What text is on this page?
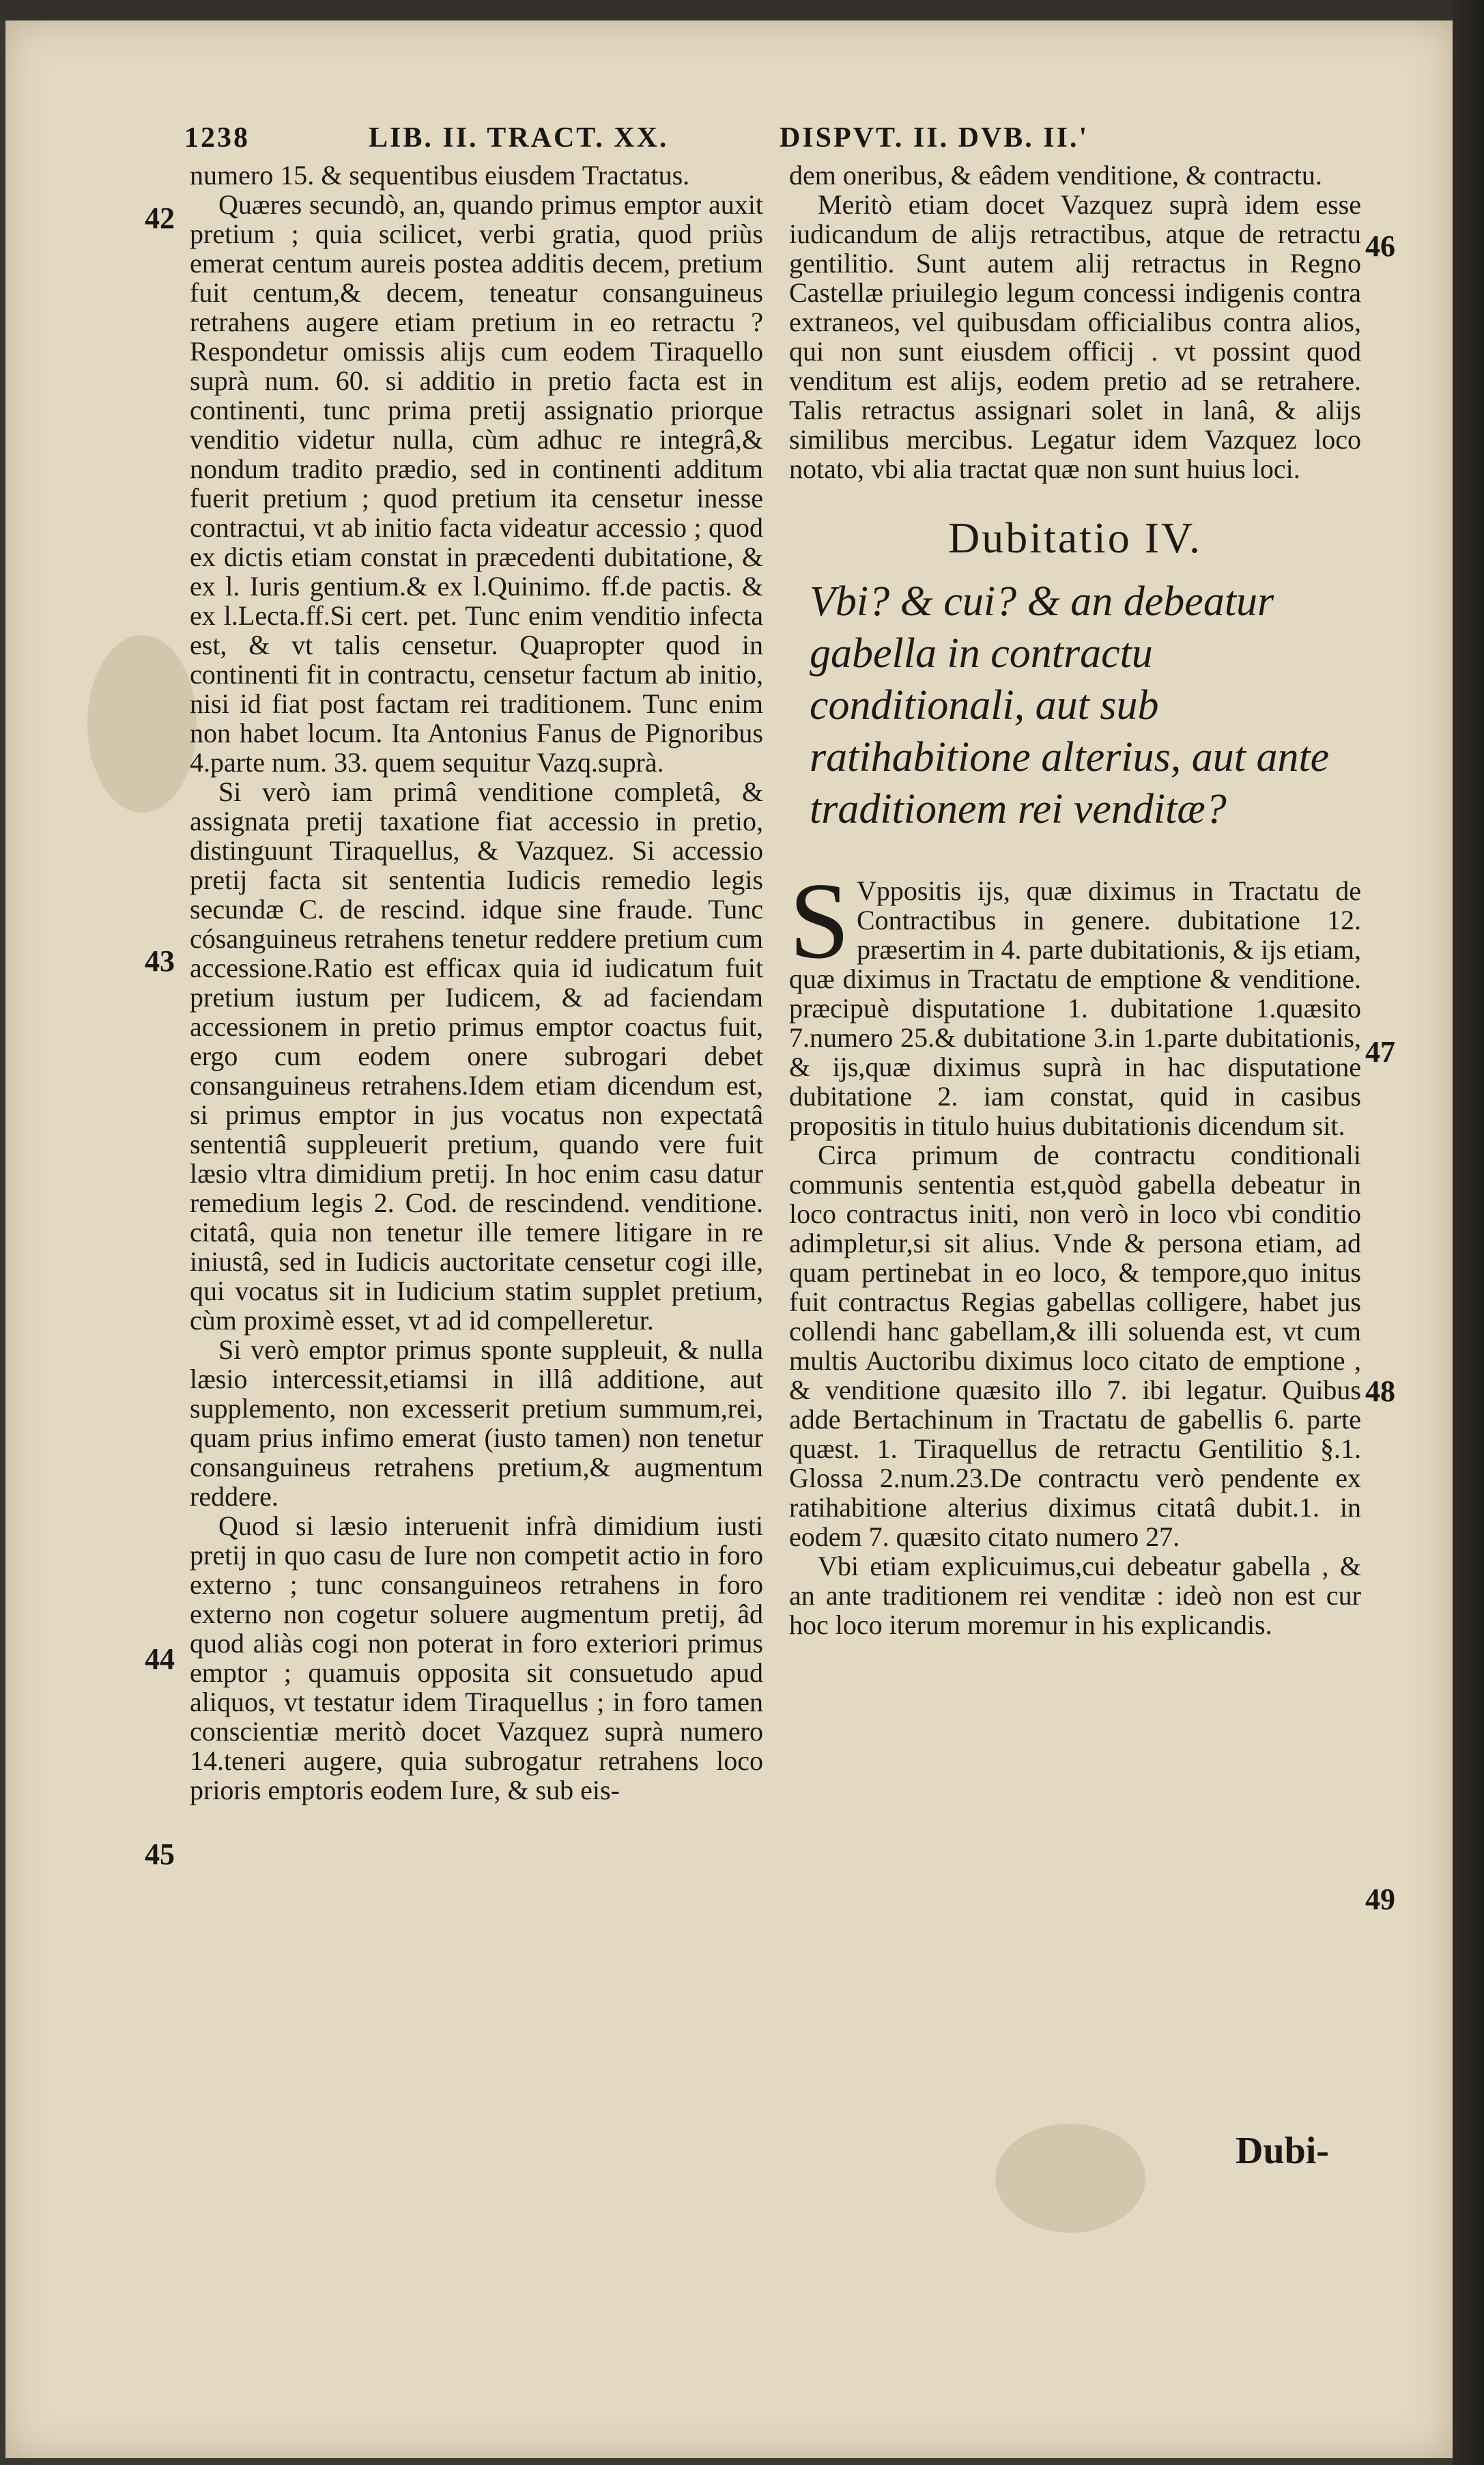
1238	LIB. II. TRACT. XX.	DISPVT. II. DVB. II.'
42
43
44
45
46
47
48
49

numero 15. & sequentibus eiusdem Tractatus.

Quæres secundò, an, quando primus emptor auxit pretium ; quia scilicet, verbi gratia, quod priùs emerat centum aureis postea additis decem, pretium fuit centum,& decem, teneatur consanguineus retrahens augere etiam pretium in eo retractu ? Respondetur omissis alijs cum eodem Tiraquello suprà num. 60. si additio in pretio facta est in continenti, tunc prima pretij assignatio priorque venditio videtur nulla, cùm adhuc re integrâ,& nondum tradito prædio, sed in continenti additum fuerit pretium ; quod pretium ita censetur inesse contractui, vt ab initio facta videatur accessio ; quod ex dictis etiam constat in præcedenti dubitatione, & ex l. Iuris gentium.& ex l.Quinimo. ff.de pactis. & ex l.Lecta.ff.Si cert. pet. Tunc enim venditio infecta est, & vt talis censetur. Quapropter quod in continenti fit in contractu, censetur factum ab initio, nisi id fiat post factam rei traditionem. Tunc enim non habet locum. Ita Antonius Fanus de Pignoribus 4.parte num. 33. quem sequitur Vazq.suprà.

Si verò iam primâ venditione completâ, & assignata pretij taxatione fiat accessio in pretio, distinguunt Tiraquellus, & Vazquez. Si accessio pretij facta sit sententia Iudicis remedio legis secundæ C. de rescind. idque sine fraude. Tunc cósanguineus retrahens tenetur reddere pretium cum accessione.Ratio est efficax quia id iudicatum fuit pretium iustum per Iudicem, & ad faciendam accessionem in pretio primus emptor coactus fuit, ergo cum eodem onere subrogari debet consanguineus retrahens.Idem etiam dicendum est, si primus emptor in jus vocatus non expectatâ sententiâ suppleuerit pretium, quando vere fuit læsio vltra dimidium pretij. In hoc enim casu datur remedium legis 2. Cod. de rescindend. venditione. citatâ, quia non tenetur ille temere litigare in re iniustâ, sed in Iudicis auctoritate censetur cogi ille, qui vocatus sit in Iudicium statim supplet pretium, cùm proximè esset, vt ad id compelleretur.

Si verò emptor primus sponte suppleuit, & nulla læsio intercessit,etiamsi in illâ additione, aut supplemento, non excesserit pretium summum,rei, quam prius infimo emerat (iusto tamen) non tenetur consanguineus retrahens pretium,& augmentum reddere.

Quod si læsio interuenit infrà dimidium iusti pretij in quo casu de Iure non competit actio in foro externo ; tunc consanguineos retrahens in foro externo non cogetur soluere augmentum pretij, âd quod aliàs cogi non poterat in foro exteriori primus emptor ; quamuis opposita sit consuetudo apud aliquos, vt testatur idem Tiraquellus ; in foro tamen conscientiæ meritò docet Vazquez suprà numero 14.teneri augere, quia subrogatur retrahens loco prioris emptoris eodem Iure, & sub eis-

dem oneribus, & eâdem venditione, & contractu.

Meritò etiam docet Vazquez suprà idem esse iudicandum de alijs retractibus, atque de retractu gentilitio. Sunt autem alij retractus in Regno Castellæ priuilegio legum concessi indigenis contra extraneos, vel quibusdam officialibus contra alios, qui non sunt eiusdem officij . vt possint quod venditum est alijs, eodem pretio ad se retrahere. Talis retractus assignari solet in lanâ, & alijs similibus mercibus. Legatur idem Vazquez loco notato, vbi alia tractat quæ non sunt huius loci.

Dubitatio IV.
Vbi? & cui? & an debeatur gabella in contractu conditionali, aut sub ratihabitione alterius, aut ante traditionem rei venditæ?

S Vppositis ijs, quæ diximus in Tractatu de Contractibus in genere. dubitatione 12. præsertim in 4. parte dubitationis, & ijs etiam, quæ diximus in Tractatu de emptione & venditione. præcipuè disputatione 1. dubitatione 1.quæsito 7.numero 25.& dubitatione 3.in 1.parte dubitationis, & ijs,quæ diximus suprà in hac disputatione dubitatione 2. iam constat, quid in casibus propositis in titulo huius dubitationis dicendum sit.

Circa primum de contractu conditionali communis sententia est,quòd gabella debeatur in loco contractus initi, non verò in loco vbi conditio adimpletur,si sit alius. Vnde & persona etiam, ad quam pertinebat in eo loco, & tempore,quo initus fuit contractus Regias gabellas colligere, habet jus collendi hanc gabellam,& illi soluenda est, vt cum multis Auctoribu diximus loco citato de emptione , & venditione quæsito illo 7. ibi legatur. Quibus adde Bertachinum in Tractatu de gabellis 6. parte quæst. 1. Tiraquellus de retractu Gentilitio §.1. Glossa 2.num.23.De contractu verò pendente ex ratihabitione alterius diximus citatâ dubit.1. in eodem 7. quæsito citato numero 27.

Vbi etiam explicuimus,cui debeatur gabella , & an ante traditionem rei venditæ : ideò non est cur hoc loco iterum moremur in his explicandis.

Dubi-
